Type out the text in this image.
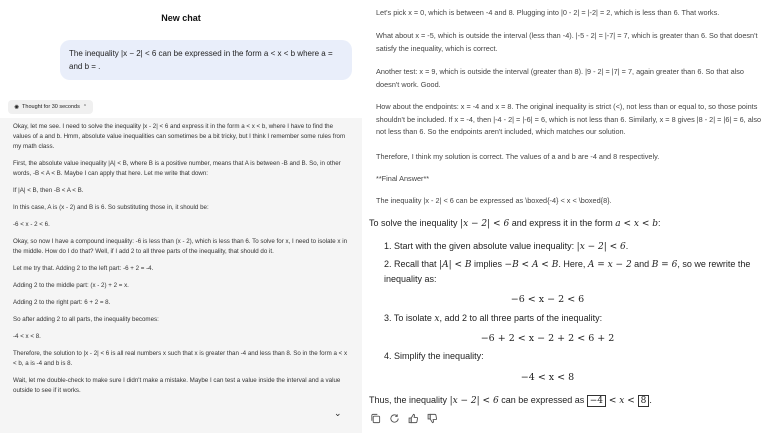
New chat
The inequality |x − 2| < 6 can be expressed in the form a < x < b where a = and b = .
✺ Thought for 30 seconds ⌃

Okay, let me see. I need to solve the inequality |x - 2| < 6 and express it in the form a < x < b, where I have to find the values of a and b. Hmm, absolute value inequalities can sometimes be a bit tricky, but I think I remember some rules from my math class.

First, the absolute value inequality |A| < B, where B is a positive number, means that A is between -B and B. So, in other words, -B < A < B. Maybe I can apply that here. Let me write that down:

If |A| < B, then -B < A < B.

In this case, A is (x - 2) and B is 6. So substituting those in, it should be:

-6 < x - 2 < 6.

Okay, so now I have a compound inequality: -6 is less than (x - 2), which is less than 6. To solve for x, I need to isolate x in the middle. How do I do that? Well, if I add 2 to all three parts of the inequality, that should do it.

Let me try that. Adding 2 to the left part: -6 + 2 = -4.

Adding 2 to the middle part: (x - 2) + 2 = x.

Adding 2 to the right part: 6 + 2 = 8.

So after adding 2 to all parts, the inequality becomes:

-4 < x < 8.

Therefore, the solution to |x - 2| < 6 is all real numbers x such that x is greater than -4 and less than 8. So in the form a < x < b, a is -4 and b is 8.

Wait, let me double-check to make sure I didn't make a mistake. Maybe I can test a value inside the interval and a value outside to see if it works.

⌄
Let's pick x = 0, which is between -4 and 8. Plugging into |0 - 2| = |-2| = 2, which is less than 6. That works.
What about x = -5, which is outside the interval (less than -4). |-5 - 2| = |-7| = 7, which is greater than 6. So that doesn't satisfy the inequality, which is correct.
Another test: x = 9, which is outside the interval (greater than 8). |9 - 2| = |7| = 7, again greater than 6. So that also doesn't work. Good.
How about the endpoints: x = -4 and x = 8. The original inequality is strict (<), not less than or equal to, so those points shouldn't be included. If x = -4, then |-4 - 2| = |-6| = 6, which is not less than 6. Similarly, x = 8 gives |8 - 2| = |6| = 6, also not less than 6. So the endpoints aren't included, which matches our solution.
Therefore, I think my solution is correct. The values of a and b are -4 and 8 respectively.
**Final Answer**
The inequality |x - 2| < 6 can be expressed as \boxed{-4} < x < \boxed{8}.
To solve the inequality |x − 2| < 6 and express it in the form a < x < b:
1. Start with the given absolute value inequality: |x − 2| < 6.
2. Recall that |A| < B implies −B < A < B. Here, A = x − 2 and B = 6, so we rewrite the inequality as:
−6 < x − 2 < 6
3. To isolate x, add 2 to all three parts of the inequality:
−6 + 2 < x − 2 + 2 < 6 + 2
4. Simplify the inequality:
−4 < x < 8
Thus, the inequality |x − 2| < 6 can be expressed as −4 < x < 8 .
